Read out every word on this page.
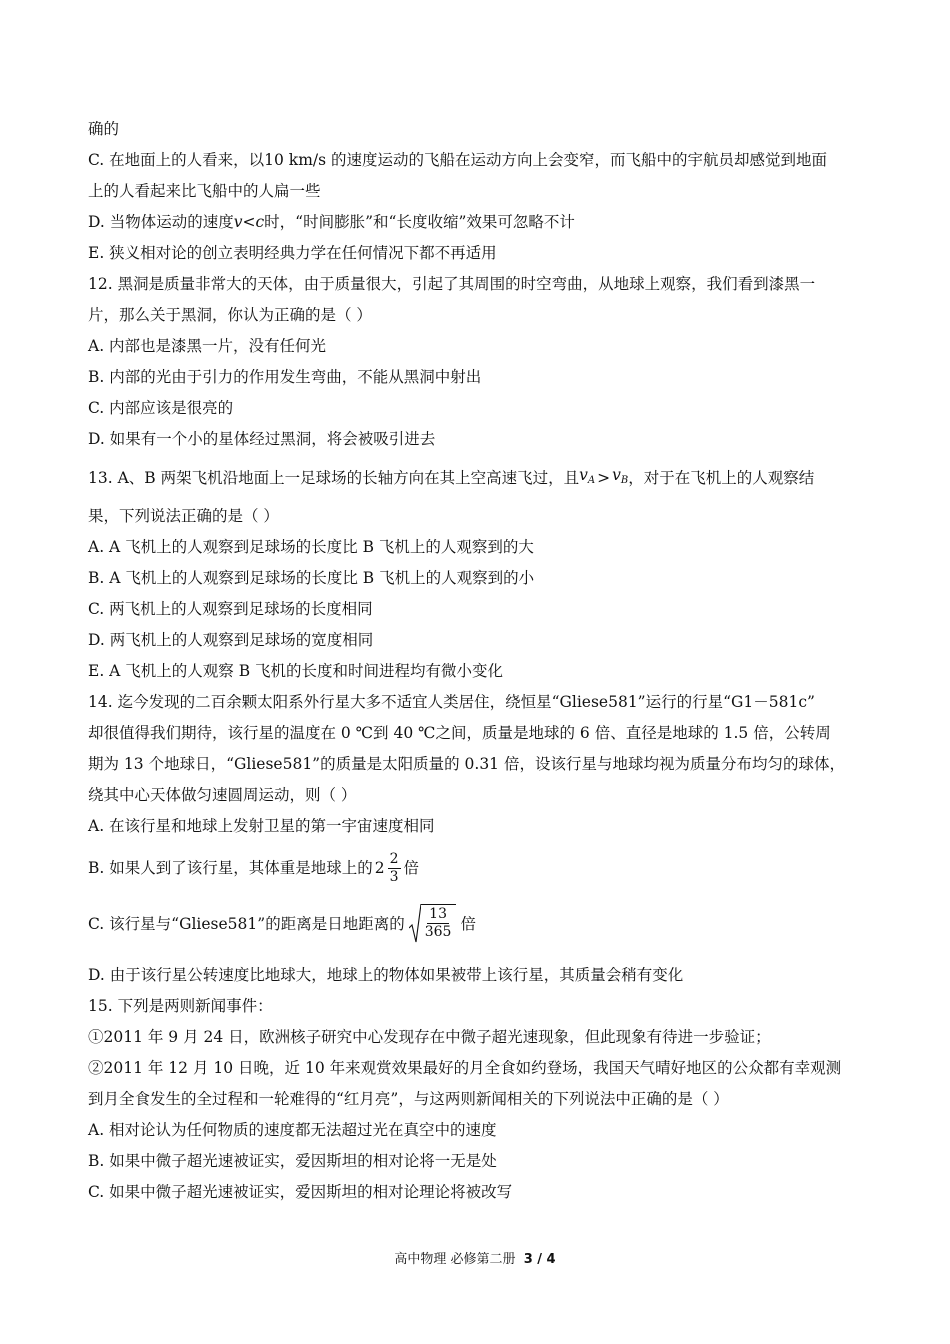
确的
C. 在地面上的人看来，以10 km/s 的速度运动的飞船在运动方向上会变窄，而飞船中的宇航员却感觉到地面
上的人看起来比飞船中的人扁一些
D. 当物体运动的速度v<c时，“时间膨胀”和“长度收缩”效果可忽略不计
E. 狭义相对论的创立表明经典力学在任何情况下都不再适用
12. 黑洞是质量非常大的天体，由于质量很大，引起了其周围的时空弯曲，从地球上观察，我们看到漆黑一
片，那么关于黑洞，你认为正确的是（ ）
A. 内部也是漆黑一片，没有任何光
B. 内部的光由于引力的作用发生弯曲，不能从黑洞中射出
C. 内部应该是很亮的
D. 如果有一个小的星体经过黑洞，将会被吸引进去
13. A、B 两架飞机沿地面上一足球场的长轴方向在其上空高速飞过，且 $v_A > v_B$ ，对于在飞机上的人观察结
果，下列说法正确的是（ ）
A. A 飞机上的人观察到足球场的长度比 B 飞机上的人观察到的大
B. A 飞机上的人观察到足球场的长度比 B 飞机上的人观察到的小
C. 两飞机上的人观察到足球场的长度相同
D. 两飞机上的人观察到足球场的宽度相同
E. A 飞机上的人观察 B 飞机的长度和时间进程均有微小变化
14. 迄今发现的二百余颗太阳系外行星大多不适宜人类居住，绕恒星“Gliese581”运行的行星“G1－581c”
却很值得我们期待，该行星的温度在 0 ℃到 40 ℃之间，质量是地球的 6 倍、直径是地球的 1.5 倍，公转周
期为 13 个地球日，“Gliese581”的质量是太阳质量的 0.31 倍，设该行星与地球均视为质量分布均匀的球体，
绕其中心天体做匀速圆周运动，则（ ）
A. 在该行星和地球上发射卫星的第一宇宙速度相同
B. 如果人到了该行星，其体重是地球上的 $2 \frac{2}{3}$ 倍
C. 该行星与“Gliese581”的距离是日地距离的 $\frac{13}{365}$ 倍
D. 由于该行星公转速度比地球大，地球上的物体如果被带上该行星，其质量会稍有变化
15. 下列是两则新闻事件：
①2011 年 9 月 24 日，欧洲核子研究中心发现存在中微子超光速现象，但此现象有待进一步验证；
②2011 年 12 月 10 日晚，近 10 年来观赏效果最好的月全食如约登场，我国天气晴好地区的公众都有幸观测
到月全食发生的全过程和一轮难得的“红月亮”，与这两则新闻相关的下列说法中正确的是（ ）
A. 相对论认为任何物质的速度都无法超过光在真空中的速度
B. 如果中微子超光速被证实，爱因斯坦的相对论将一无是处
C. 如果中微子超光速被证实，爱因斯坦的相对论理论将被改写
高中物理 必修第二册 3 / 4
